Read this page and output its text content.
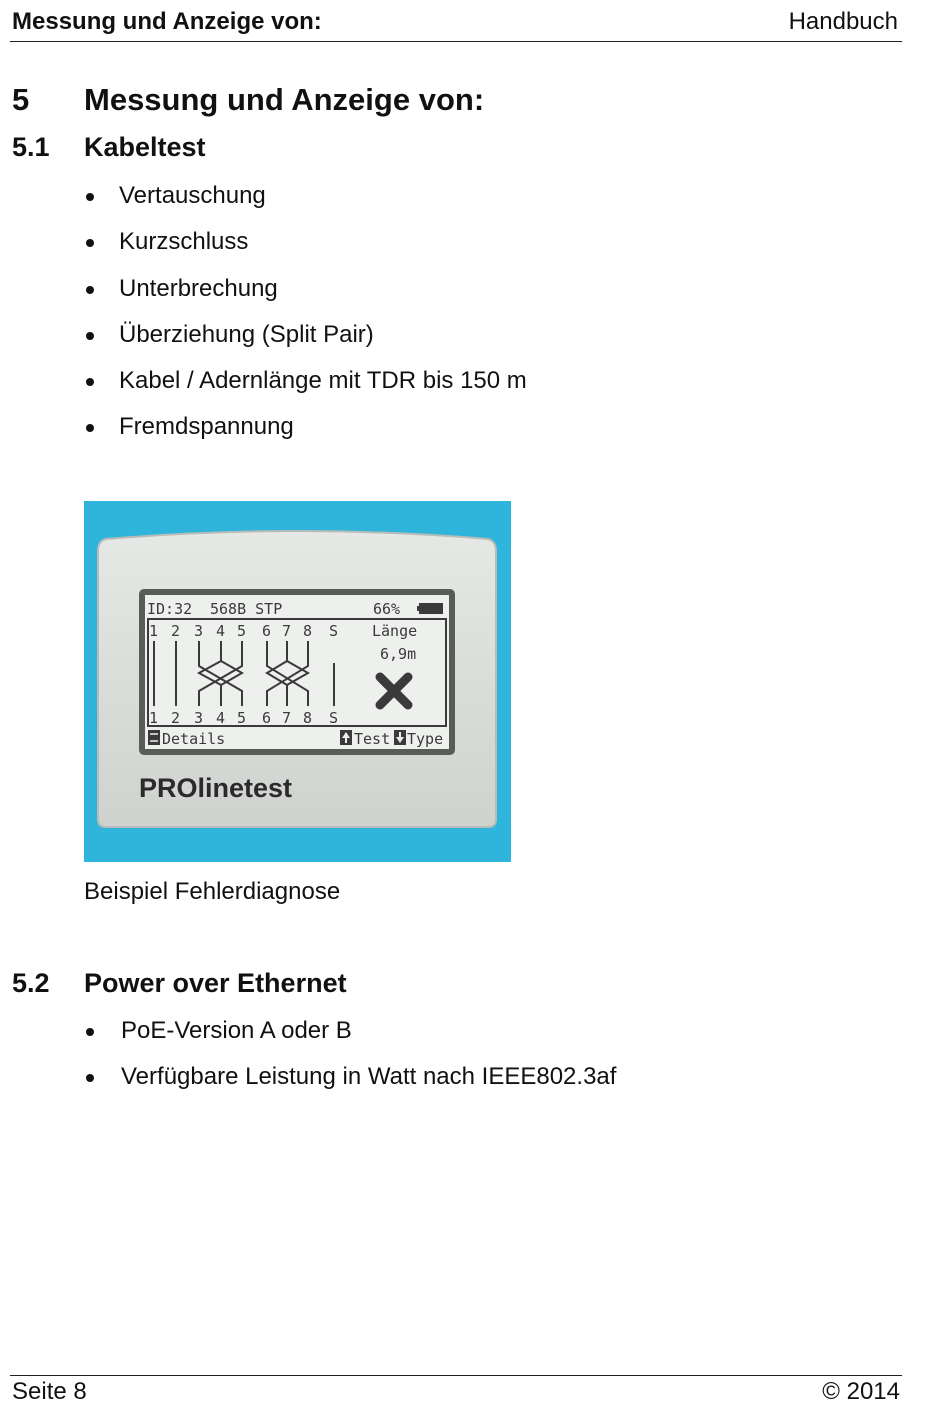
Messung und Anzeige von:	Handbuch
5 Messung und Anzeige von:
5.1 Kabeltest
Vertauschung
Kurzschluss
Unterbrechung
Überziehung (Split Pair)
Kabel / Adernlänge mit TDR bis 150 m
Fremdspannung
ID:32 568B STP	66%
1 2 3 4 5 6 7 8 S
1 2 3 4 5 6 7 8 S
Länge
6,9m
Details	Test Type
PROlinetest
Beispiel Fehlerdiagnose
5.2 Power over Ethernet
PoE-Version A oder B
Verfügbare Leistung in Watt nach IEEE802.3af
Seite 8	© 2014
